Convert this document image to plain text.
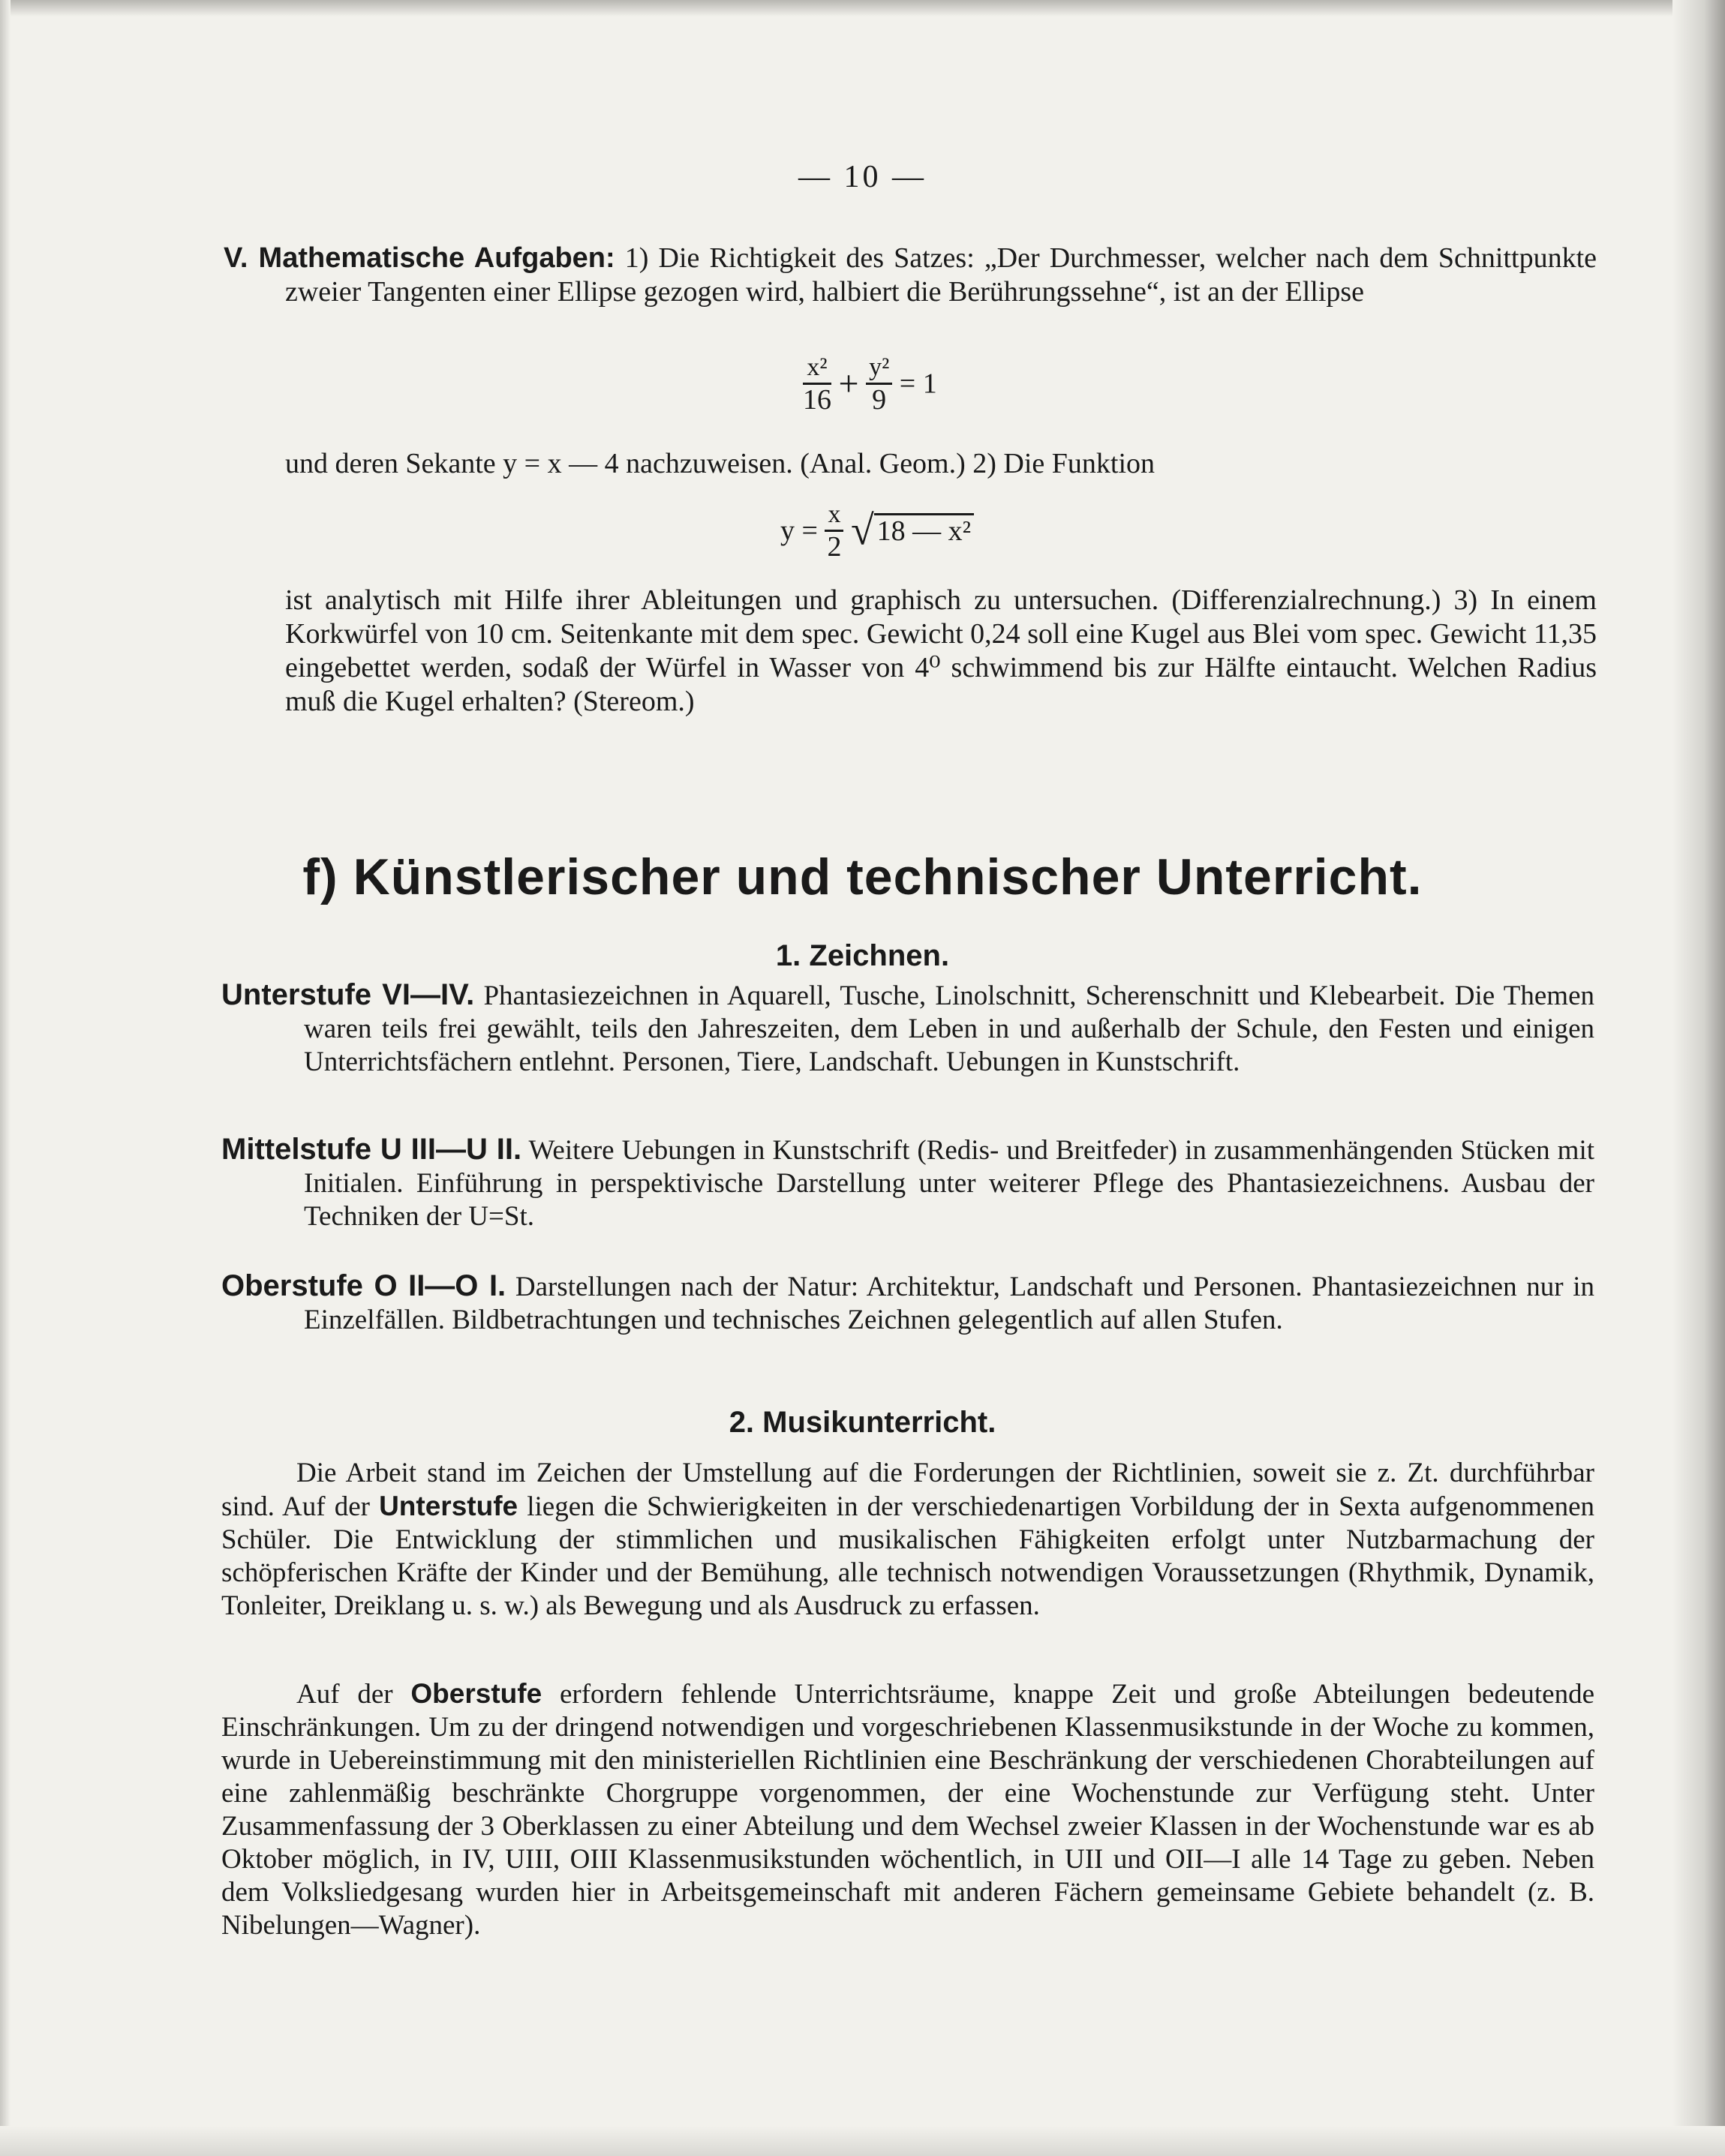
— 10 —
V. Mathematische Aufgaben: 1) Die Richtigkeit des Satzes: „Der Durchmesser, welcher nach dem Schnittpunkte zweier Tangenten einer Ellipse gezogen wird, halbiert die Berührungssehne“, ist an der Ellipse
$\frac{\text{x²}}{16} + \frac{\text{y²}}{9} = 1$
und deren Sekante y = x — 4 nachzuweisen. (Anal. Geom.) 2) Die Funktion
$y = \frac{x}{2}$ √ 18 — x²
ist analytisch mit Hilfe ihrer Ableitungen und graphisch zu untersuchen. (Differenzialrechnung.) 3) In einem Korkwürfel von 10 cm. Seitenkante mit dem spec. Gewicht 0,24 soll eine Kugel aus Blei vom spec. Gewicht 11,35 eingebettet werden, sodaß der Würfel in Wasser von 4⁰ schwimmend bis zur Hälfte eintaucht. Welchen Radius muß die Kugel erhalten? (Stereom.)
f) Künstlerischer und technischer Unterricht.
1. Zeichnen.
Unterstufe VI—IV. Phantasiezeichnen in Aquarell, Tusche, Linolschnitt, Scherenschnitt und Klebearbeit. Die Themen waren teils frei gewählt, teils den Jahreszeiten, dem Leben in und außerhalb der Schule, den Festen und einigen Unterrichtsfächern entlehnt. Personen, Tiere, Landschaft. Uebungen in Kunstschrift.
Mittelstufe U III—U II. Weitere Uebungen in Kunstschrift (Redis- und Breitfeder) in zusammenhängenden Stücken mit Initialen. Einführung in perspektivische Darstellung unter weiterer Pflege des Phantasiezeichnens. Ausbau der Techniken der U=St.
Oberstufe O II—O I. Darstellungen nach der Natur: Architektur, Landschaft und Personen. Phantasiezeichnen nur in Einzelfällen. Bildbetrachtungen und technisches Zeichnen gelegentlich auf allen Stufen.
2. Musikunterricht.
Die Arbeit stand im Zeichen der Umstellung auf die Forderungen der Richtlinien, soweit sie z. Zt. durchführbar sind. Auf der Unterstufe liegen die Schwierigkeiten in der verschiedenartigen Vorbildung der in Sexta aufgenommenen Schüler. Die Entwicklung der stimmlichen und musikalischen Fähigkeiten erfolgt unter Nutzbarmachung der schöpferischen Kräfte der Kinder und der Bemühung, alle technisch notwendigen Voraussetzungen (Rhythmik, Dynamik, Tonleiter, Dreiklang u. s. w.) als Bewegung und als Ausdruck zu erfassen.
Auf der Oberstufe erfordern fehlende Unterrichtsräume, knappe Zeit und große Abteilungen bedeutende Einschränkungen. Um zu der dringend notwendigen und vorgeschriebenen Klassenmusikstunde in der Woche zu kommen, wurde in Uebereinstimmung mit den ministeriellen Richtlinien eine Beschränkung der verschiedenen Chorabteilungen auf eine zahlenmäßig beschränkte Chorgruppe vorgenommen, der eine Wochenstunde zur Verfügung steht. Unter Zusammenfassung der 3 Oberklassen zu einer Abteilung und dem Wechsel zweier Klassen in der Wochenstunde war es ab Oktober möglich, in IV, UIII, OIII Klassenmusikstunden wöchentlich, in UII und OII—I alle 14 Tage zu geben. Neben dem Volksliedgesang wurden hier in Arbeitsgemeinschaft mit anderen Fächern gemeinsame Gebiete behandelt (z. B. Nibelungen—Wagner).
